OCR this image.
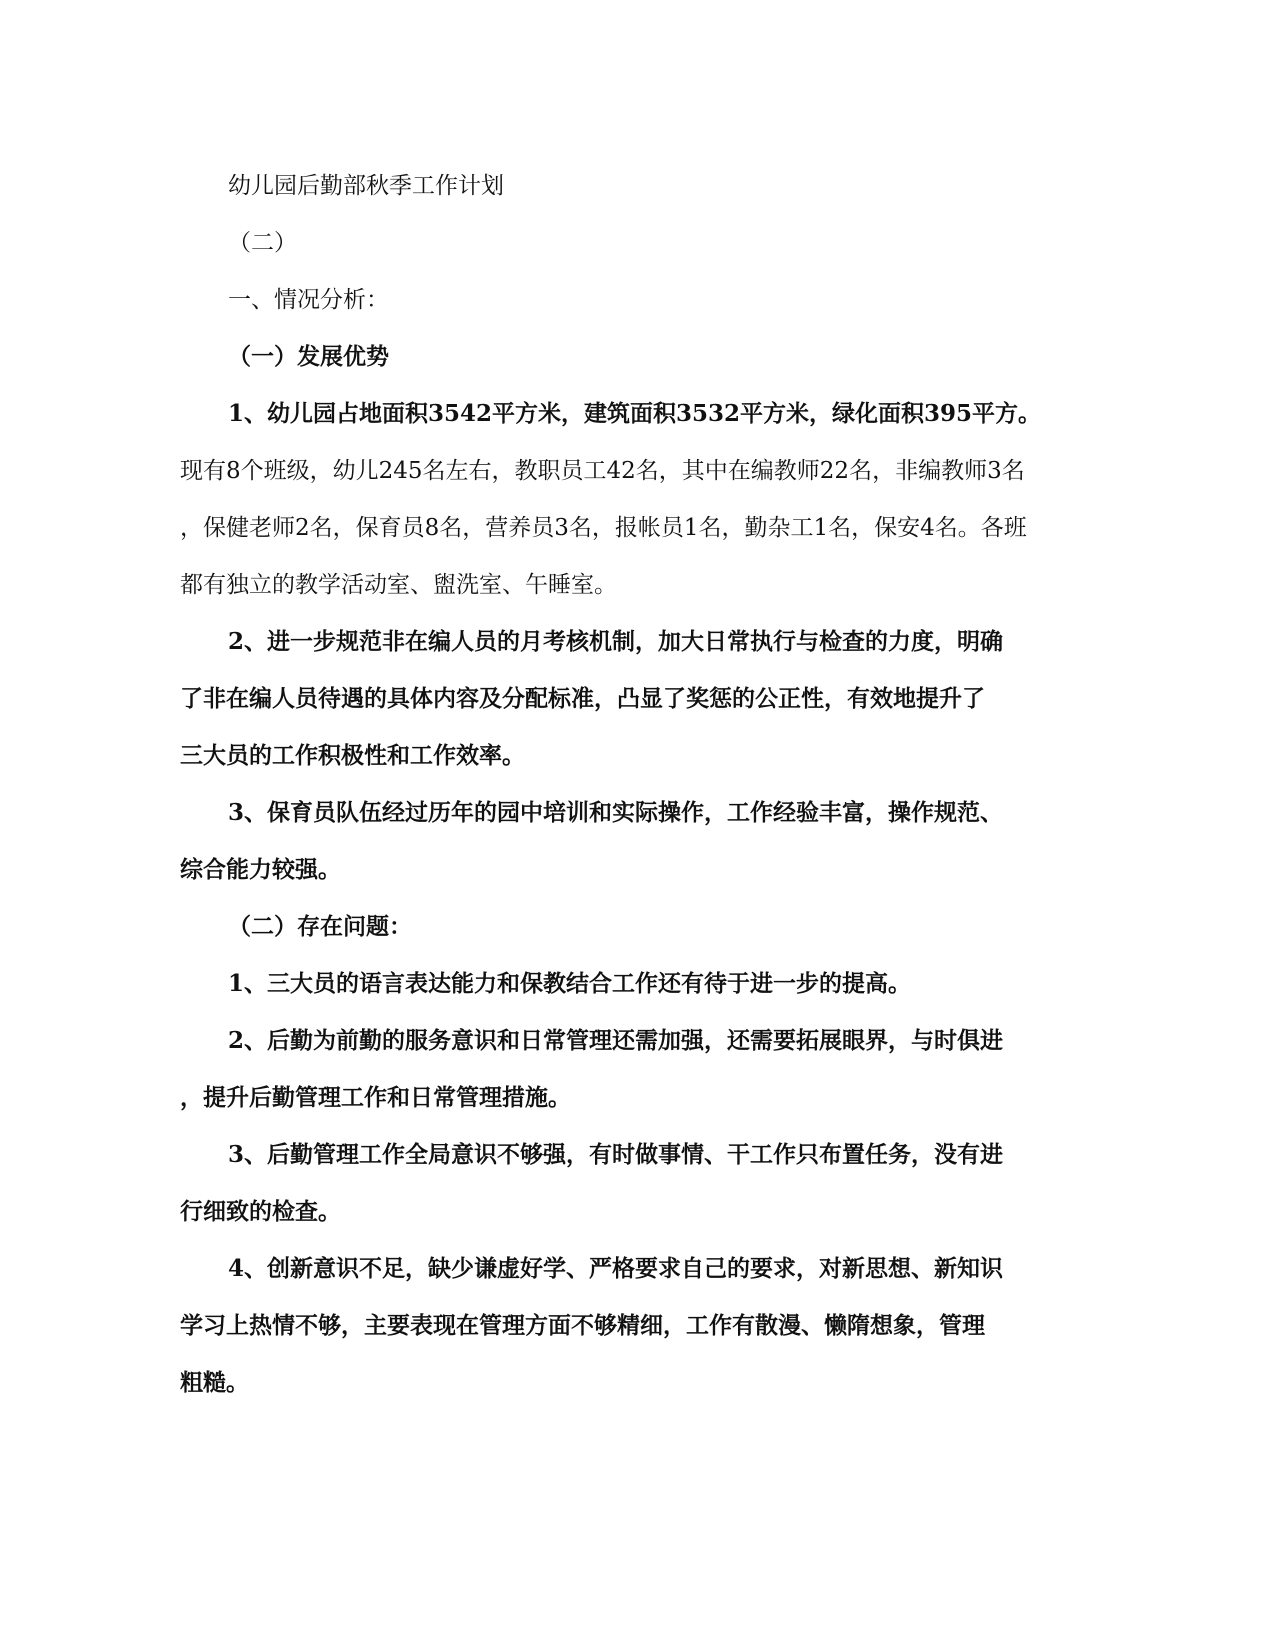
幼儿园后勤部秋季工作计划
（二）
一、情况分析：
（一）发展优势
1、幼儿园占地面积3542平方米，建筑面积3532平方米，绿化面积395平方。
现有8个班级，幼儿245名左右，教职员工42名，其中在编教师22名，非编教师3名
，保健老师2名，保育员8名，营养员3名，报帐员1名，勤杂工1名，保安4名。各班
都有独立的教学活动室、盥洗室、午睡室。
2、进一步规范非在编人员的月考核机制，加大日常执行与检查的力度，明确
了非在编人员待遇的具体内容及分配标准，凸显了奖惩的公正性，有效地提升了
三大员的工作积极性和工作效率。
3、保育员队伍经过历年的园中培训和实际操作，工作经验丰富，操作规范、
综合能力较强。
（二）存在问题：
1、三大员的语言表达能力和保教结合工作还有待于进一步的提高。
2、后勤为前勤的服务意识和日常管理还需加强，还需要拓展眼界，与时俱进
，提升后勤管理工作和日常管理措施。
3、后勤管理工作全局意识不够强，有时做事情、干工作只布置任务，没有进
行细致的检查。
4、创新意识不足，缺少谦虚好学、严格要求自己的要求，对新思想、新知识
学习上热情不够，主要表现在管理方面不够精细，工作有散漫、懒隋想象，管理
粗糙。
